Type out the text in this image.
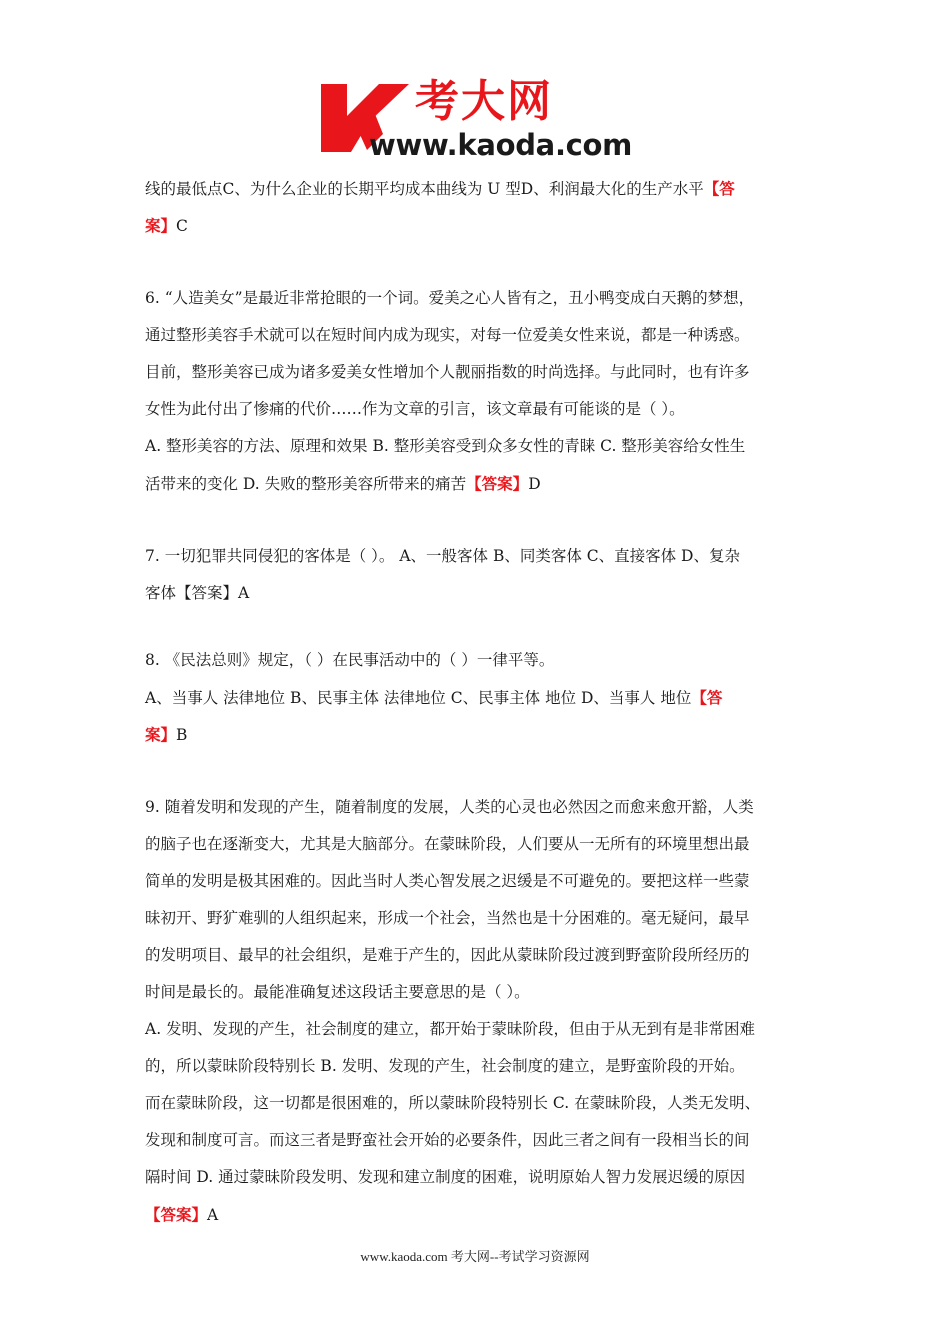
考大网
www.kaoda.com
线的最低点C、为什么企业的长期平均成本曲线为 U 型D、利润最大化的生产水平【答
案】C
6. “人造美女”是最近非常抢眼的一个词。爱美之心人皆有之，丑小鸭变成白天鹅的梦想，
通过整形美容手术就可以在短时间内成为现实，对每一位爱美女性来说，都是一种诱惑。
目前，整形美容已成为诸多爱美女性增加个人靓丽指数的时尚选择。与此同时，也有许多
女性为此付出了惨痛的代价……作为文章的引言，该文章最有可能谈的是（ ）。
A. 整形美容的方法、原理和效果 B. 整形美容受到众多女性的青睐 C. 整形美容给女性生
活带来的变化 D. 失败的整形美容所带来的痛苦【答案】D
7. 一切犯罪共同侵犯的客体是（ ）。 A、一般客体 B、同类客体 C、直接客体 D、复杂
客体【答案】A
8. 《民法总则》规定，（ ）在民事活动中的（ ）一律平等。
A、当事人 法律地位 B、民事主体 法律地位 C、民事主体 地位 D、当事人 地位【答
案】B
9. 随着发明和发现的产生，随着制度的发展，人类的心灵也必然因之而愈来愈开豁，人类
的脑子也在逐渐变大，尤其是大脑部分。在蒙昧阶段，人们要从一无所有的环境里想出最
简单的发明是极其困难的。因此当时人类心智发展之迟缓是不可避免的。要把这样一些蒙
昧初开、野犷难驯的人组织起来，形成一个社会，当然也是十分困难的。毫无疑问，最早
的发明项目、最早的社会组织，是难于产生的，因此从蒙昧阶段过渡到野蛮阶段所经历的
时间是最长的。最能准确复述这段话主要意思的是（ ）。
A. 发明、发现的产生，社会制度的建立，都开始于蒙昧阶段，但由于从无到有是非常困难
的，所以蒙昧阶段特别长 B. 发明、发现的产生，社会制度的建立，是野蛮阶段的开始。
而在蒙昧阶段，这一切都是很困难的，所以蒙昧阶段特别长 C. 在蒙昧阶段，人类无发明、
发现和制度可言。而这三者是野蛮社会开始的必要条件，因此三者之间有一段相当长的间
隔时间 D. 通过蒙昧阶段发明、发现和建立制度的困难，说明原始人智力发展迟缓的原因
【答案】A
www.kaoda.com 考大网--考试学习资源网
